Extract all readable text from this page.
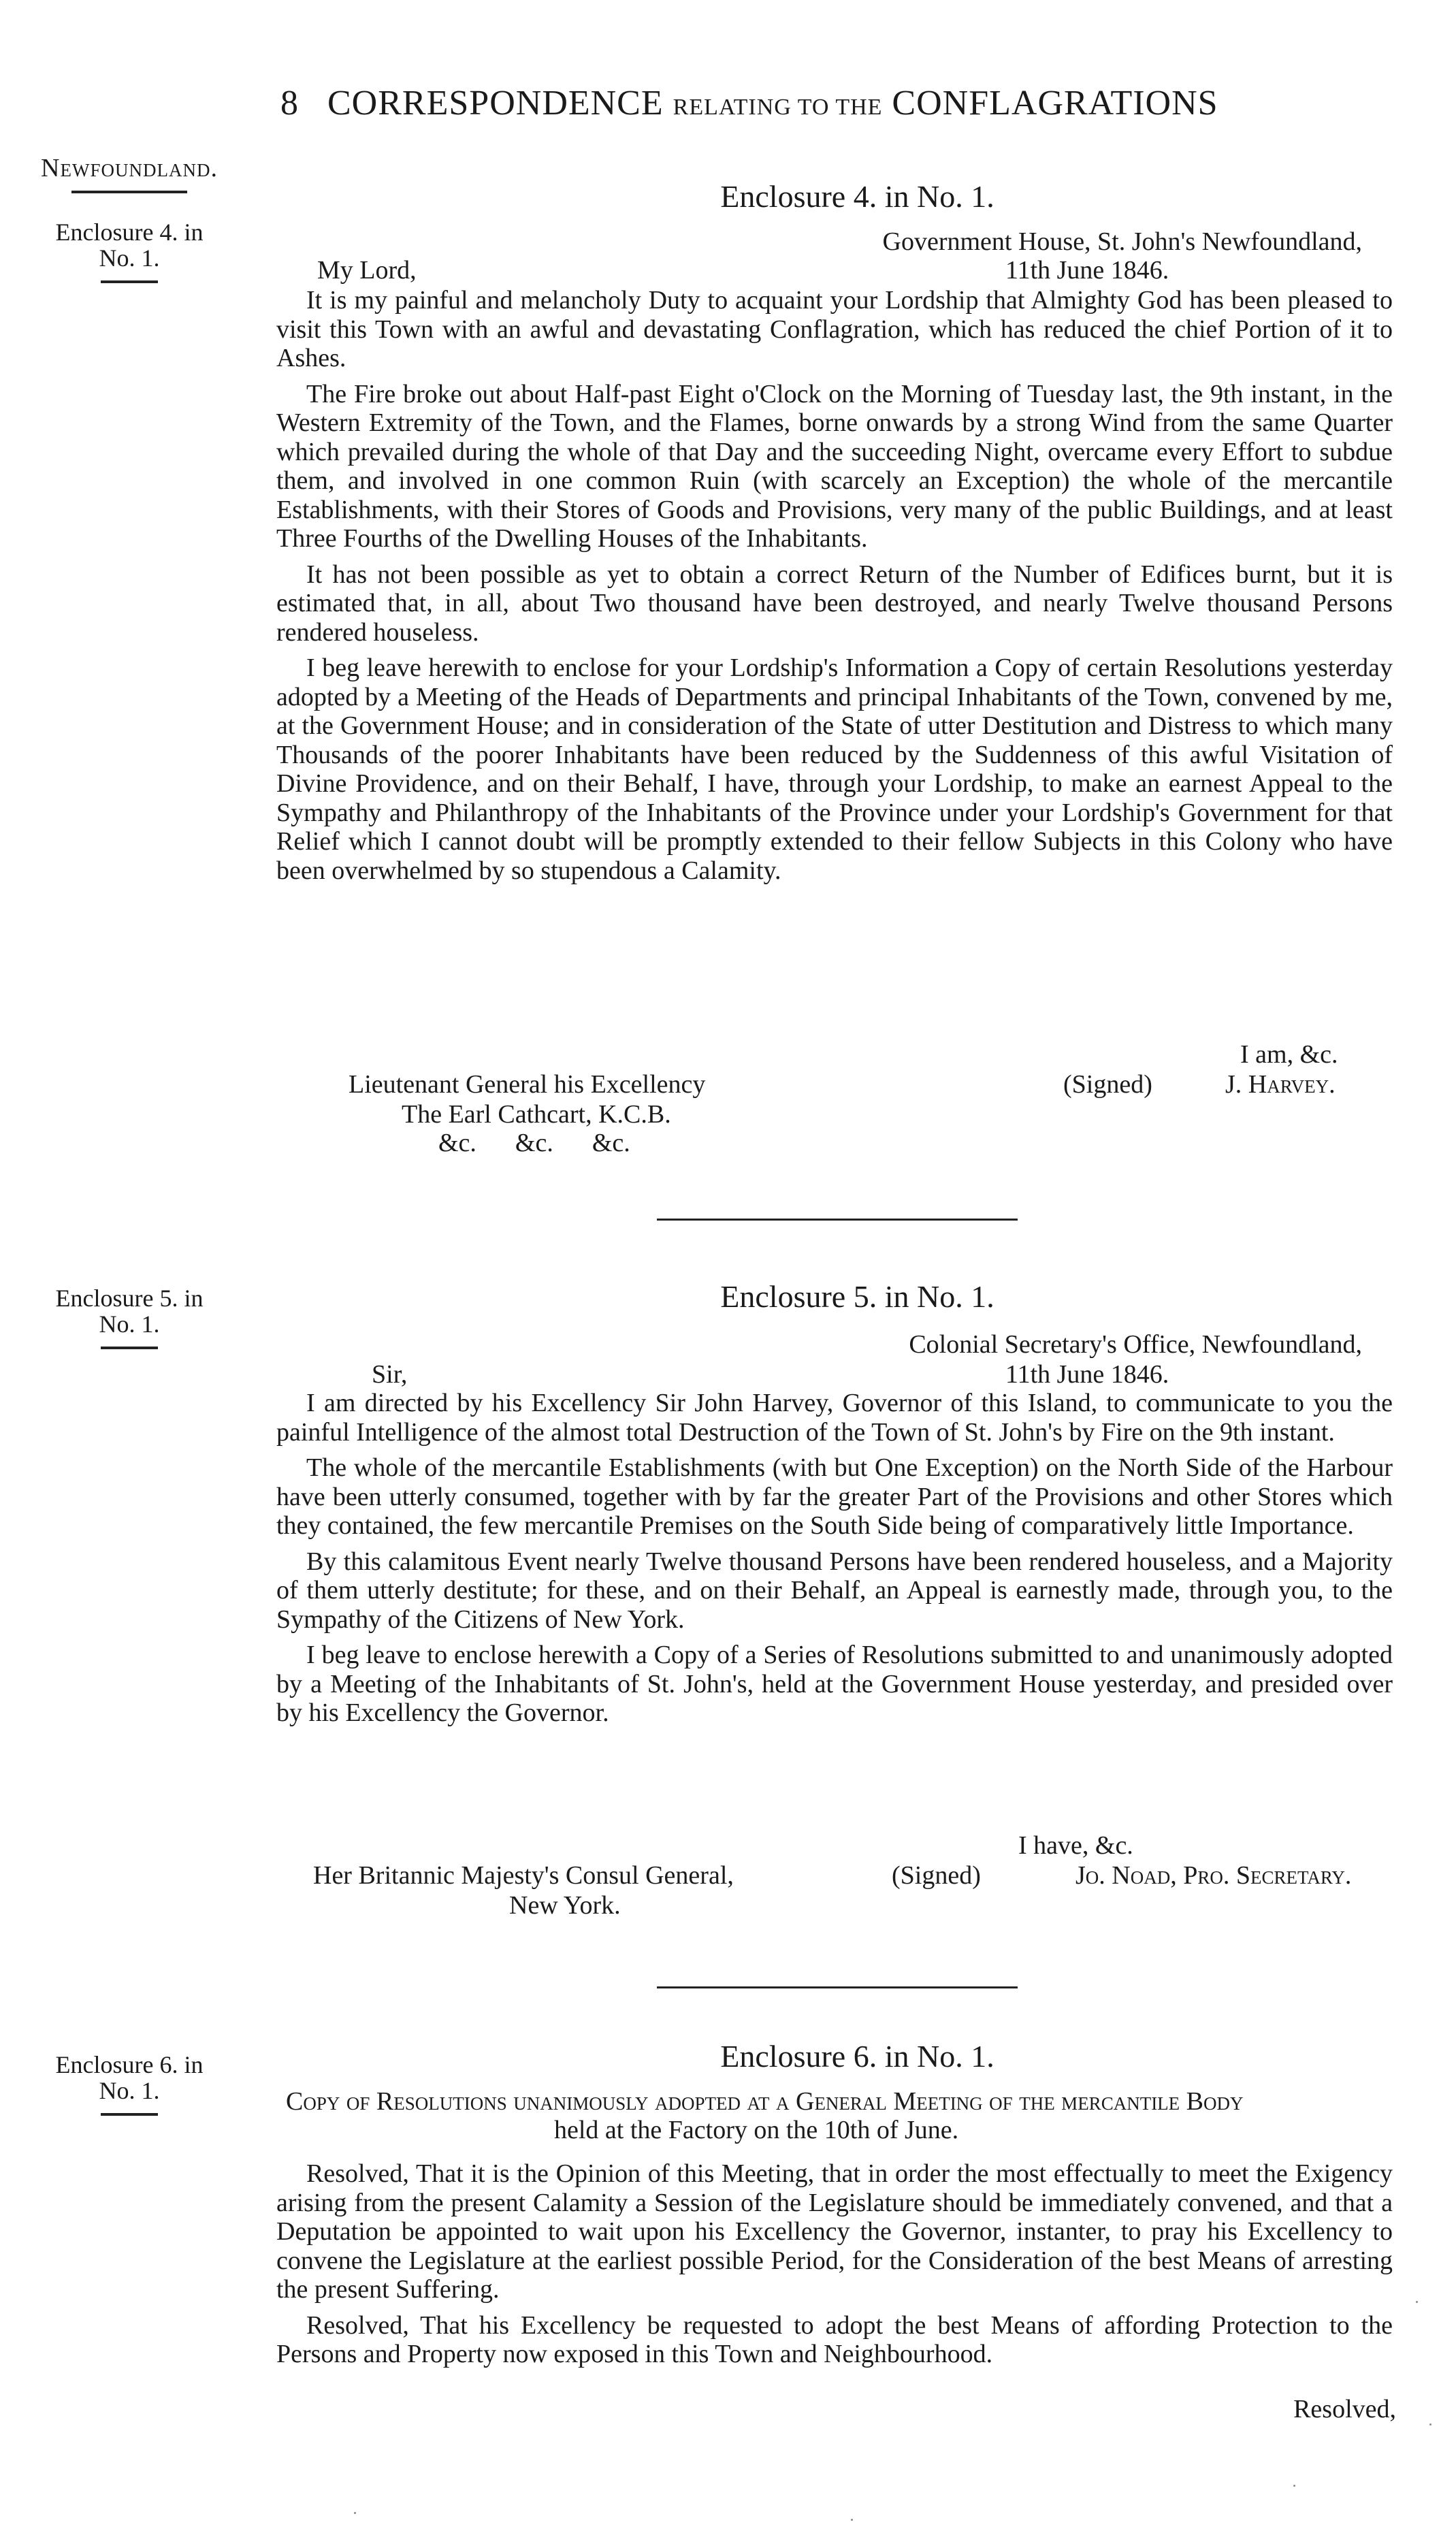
8 CORRESPONDENCE RELATING TO THE CONFLAGRATIONS
Newfoundland.
Enclosure 4. in
No. 1.
Enclosure 4. in No. 1.
Government House, St. John's Newfoundland,
My Lord,	11th June 1846.

It is my painful and melancholy Duty to acquaint your Lordship that Almighty God has been pleased to visit this Town with an awful and devastating Conflagration, which has reduced the chief Portion of it to Ashes.

The Fire broke out about Half-past Eight o'Clock on the Morning of Tuesday last, the 9th instant, in the Western Extremity of the Town, and the Flames, borne onwards by a strong Wind from the same Quarter which prevailed during the whole of that Day and the succeeding Night, overcame every Effort to subdue them, and involved in one common Ruin (with scarcely an Exception) the whole of the mercantile Establishments, with their Stores of Goods and Provisions, very many of the public Buildings, and at least Three Fourths of the Dwelling Houses of the Inhabitants.

It has not been possible as yet to obtain a correct Return of the Number of Edifices burnt, but it is estimated that, in all, about Two thousand have been destroyed, and nearly Twelve thousand Persons rendered houseless.

I beg leave herewith to enclose for your Lordship's Information a Copy of certain Resolutions yesterday adopted by a Meeting of the Heads of Departments and principal Inhabitants of the Town, convened by me, at the Government House; and in consideration of the State of utter Destitution and Distress to which many Thousands of the poorer Inhabitants have been reduced by the Suddenness of this awful Visitation of Divine Providence, and on their Behalf, I have, through your Lordship, to make an earnest Appeal to the Sympathy and Philanthropy of the Inhabitants of the Province under your Lordship's Government for that Relief which I cannot doubt will be promptly extended to their fellow Subjects in this Colony who have been overwhelmed by so stupendous a Calamity.

I am, &c.
(Signed)	J. Harvey.
Lieutenant General his Excellency
The Earl Cathcart, K.C.B.
&c.      &c.      &c.
Enclosure 5. in
No. 1.
Enclosure 5. in No. 1.
Colonial Secretary's Office, Newfoundland,
Sir,	11th June 1846.

I am directed by his Excellency Sir John Harvey, Governor of this Island, to communicate to you the painful Intelligence of the almost total Destruction of the Town of St. John's by Fire on the 9th instant.

The whole of the mercantile Establishments (with but One Exception) on the North Side of the Harbour have been utterly consumed, together with by far the greater Part of the Provisions and other Stores which they contained, the few mercantile Premises on the South Side being of comparatively little Importance.

By this calamitous Event nearly Twelve thousand Persons have been rendered houseless, and a Majority of them utterly destitute; for these, and on their Behalf, an Appeal is earnestly made, through you, to the Sympathy of the Citizens of New York.

I beg leave to enclose herewith a Copy of a Series of Resolutions submitted to and unanimously adopted by a Meeting of the Inhabitants of St. John's, held at the Government House yesterday, and presided over by his Excellency the Governor.

I have, &c.
Her Britannic Majesty's Consul General,	(Signed)	Jo. Noad, Pro. Secretary.
New York.
Enclosure 6. in
No. 1.
Enclosure 6. in No. 1.
Copy of Resolutions unanimously adopted at a General Meeting of the mercantile Body
held at the Factory on the 10th of June.

Resolved, That it is the Opinion of this Meeting, that in order the most effectually to meet the Exigency arising from the present Calamity a Session of the Legislature should be immediately convened, and that a Deputation be appointed to wait upon his Excellency the Governor, instanter, to pray his Excellency to convene the Legislature at the earliest possible Period, for the Consideration of the best Means of arresting the present Suffering.

Resolved, That his Excellency be requested to adopt the best Means of affording Protection to the Persons and Property now exposed in this Town and Neighbourhood.

Resolved,
